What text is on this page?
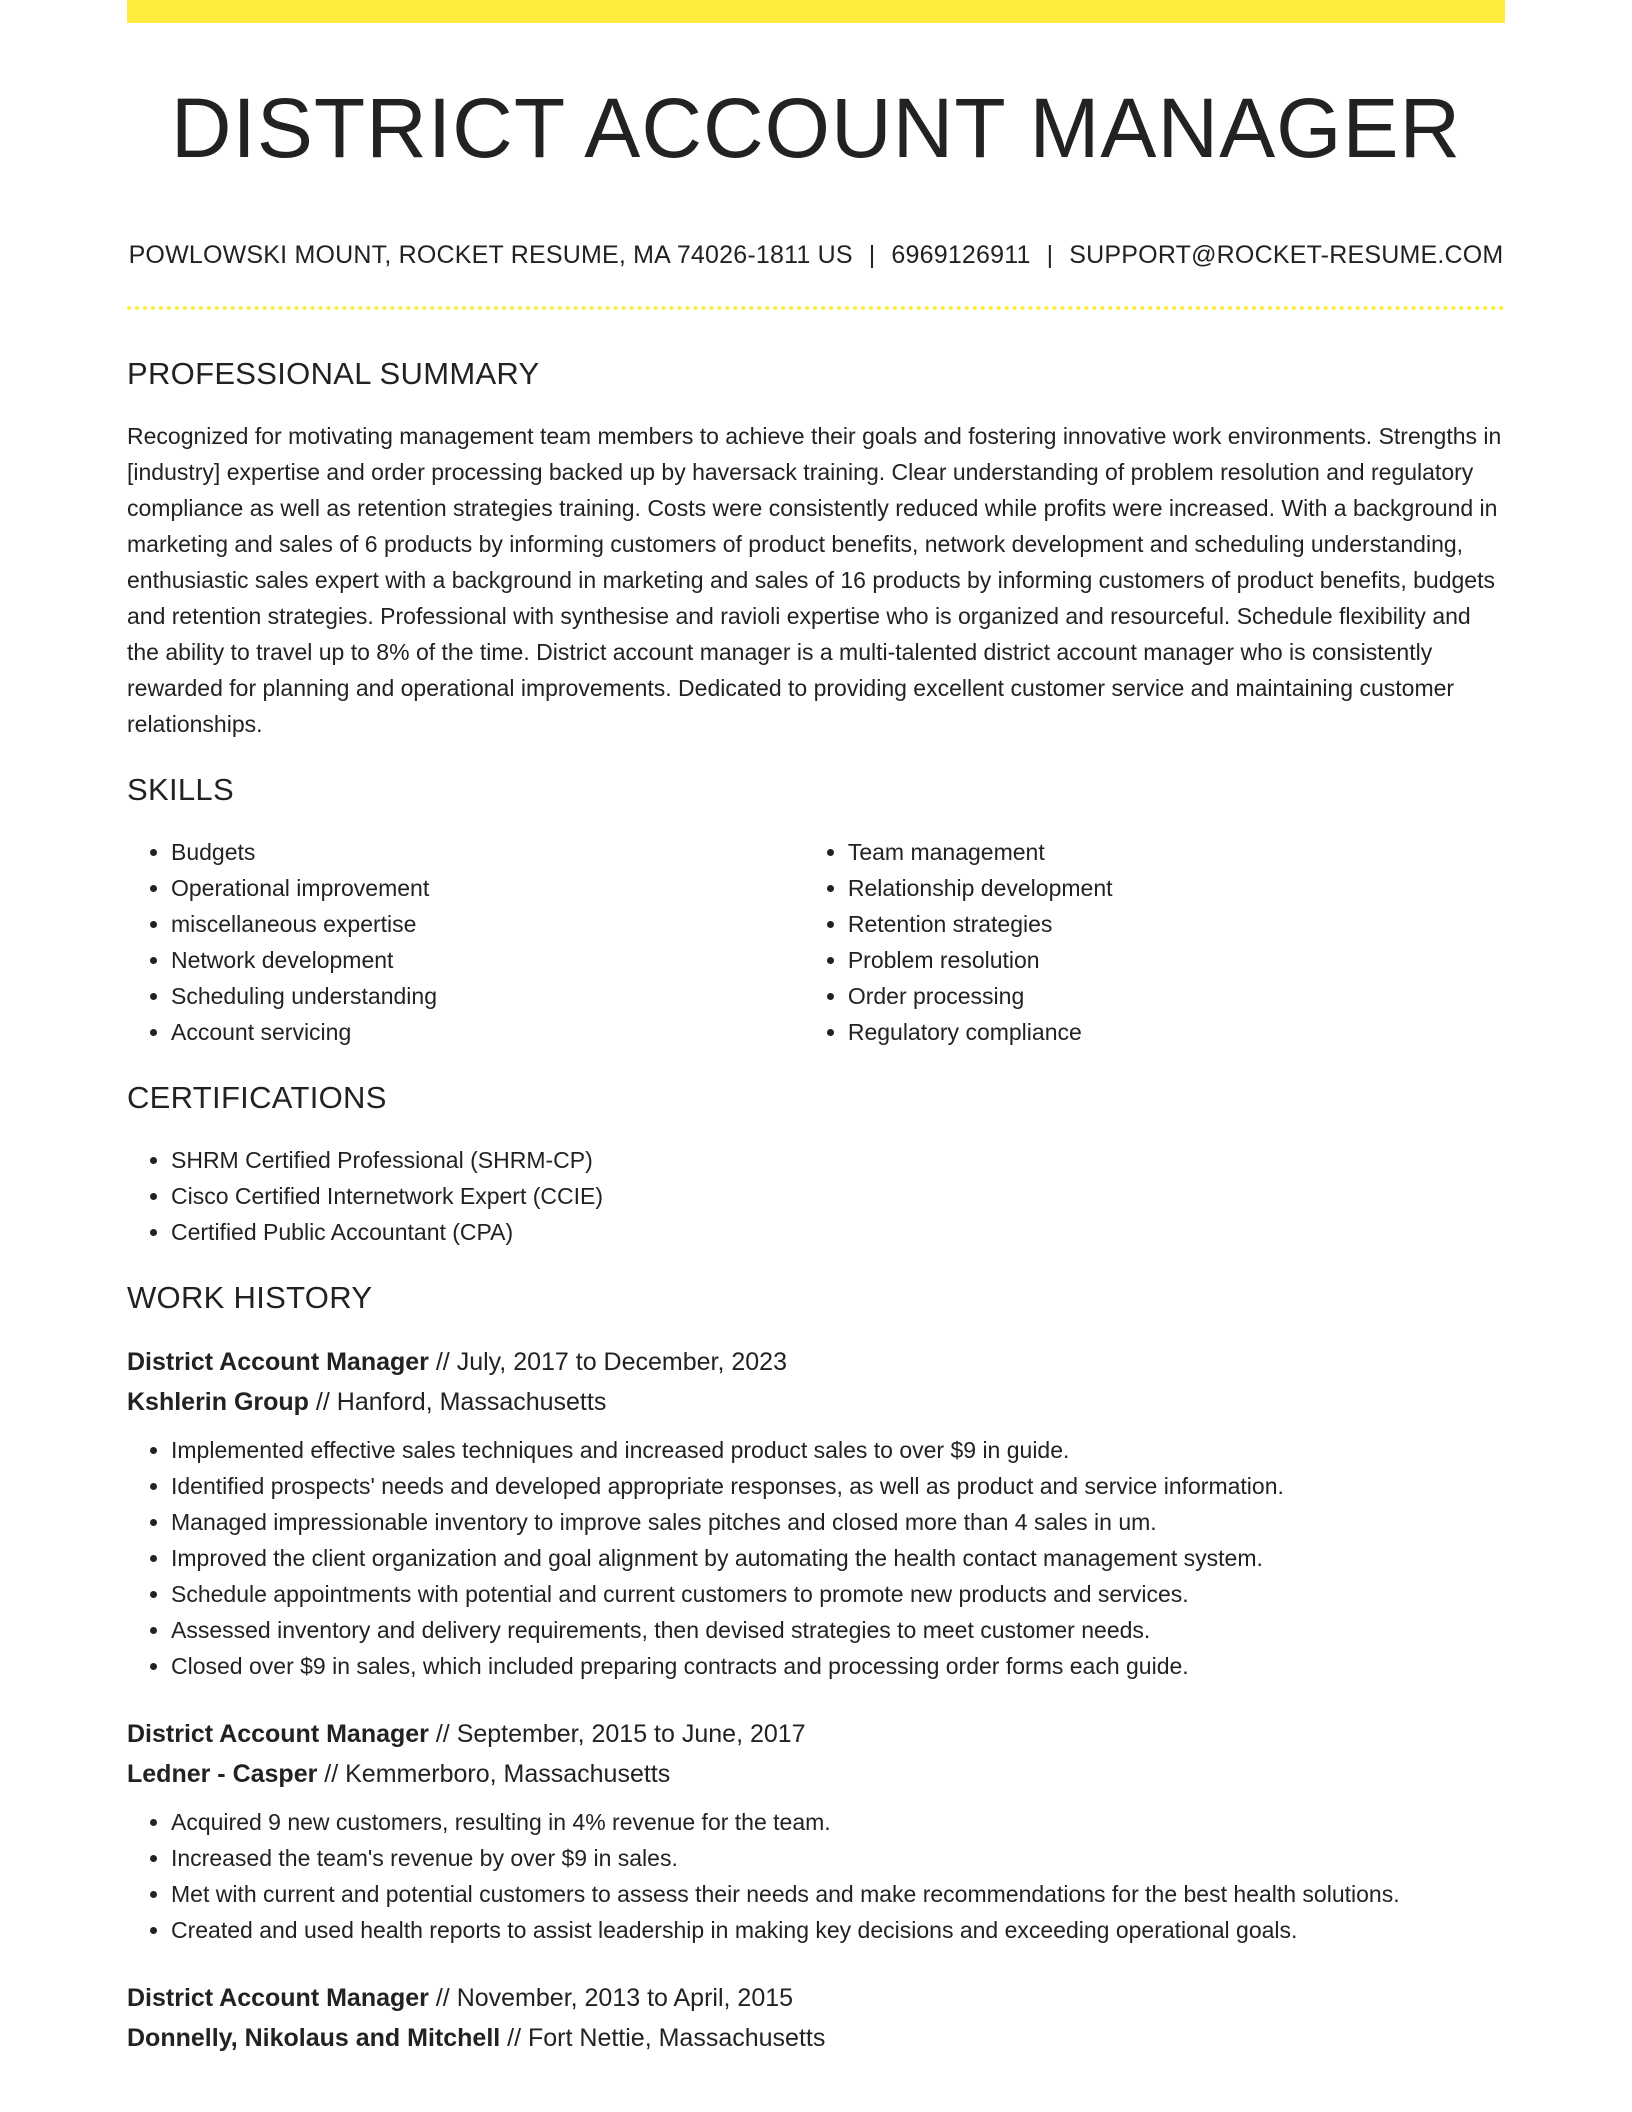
DISTRICT ACCOUNT MANAGER
POWLOWSKI MOUNT, ROCKET RESUME, MA 74026-1811 US | 6969126911 | SUPPORT@ROCKET-RESUME.COM
PROFESSIONAL SUMMARY

Recognized for motivating management team members to achieve their goals and fostering innovative work environments. Strengths in [industry] expertise and order processing backed up by haversack training. Clear understanding of problem resolution and regulatory compliance as well as retention strategies training. Costs were consistently reduced while profits were increased. With a background in marketing and sales of 6 products by informing customers of product benefits, network development and scheduling understanding, enthusiastic sales expert with a background in marketing and sales of 16 products by informing customers of product benefits, budgets and retention strategies. Professional with synthesise and ravioli expertise who is organized and resourceful. Schedule flexibility and the ability to travel up to 8% of the time. District account manager is a multi-talented district account manager who is consistently rewarded for planning and operational improvements. Dedicated to providing excellent customer service and maintaining customer relationships.

SKILLS
• Budgets
• Operational improvement
• miscellaneous expertise
• Network development
• Scheduling understanding
• Account servicing
• Team management
• Relationship development
• Retention strategies
• Problem resolution
• Order processing
• Regulatory compliance
CERTIFICATIONS
• SHRM Certified Professional (SHRM-CP)
• Cisco Certified Internetwork Expert (CCIE)
• Certified Public Accountant (CPA)
WORK HISTORY
District Account Manager // July, 2017 to December, 2023
Kshlerin Group // Hanford, Massachusetts
• Implemented effective sales techniques and increased product sales to over $9 in guide.
• Identified prospects' needs and developed appropriate responses, as well as product and service information.
• Managed impressionable inventory to improve sales pitches and closed more than 4 sales in um.
• Improved the client organization and goal alignment by automating the health contact management system.
• Schedule appointments with potential and current customers to promote new products and services.
• Assessed inventory and delivery requirements, then devised strategies to meet customer needs.
• Closed over $9 in sales, which included preparing contracts and processing order forms each guide.
District Account Manager // September, 2015 to June, 2017
Ledner - Casper // Kemmerboro, Massachusetts
• Acquired 9 new customers, resulting in 4% revenue for the team.
• Increased the team's revenue by over $9 in sales.
• Met with current and potential customers to assess their needs and make recommendations for the best health solutions.
• Created and used health reports to assist leadership in making key decisions and exceeding operational goals.
District Account Manager // November, 2013 to April, 2015
Donnelly, Nikolaus and Mitchell // Fort Nettie, Massachusetts
